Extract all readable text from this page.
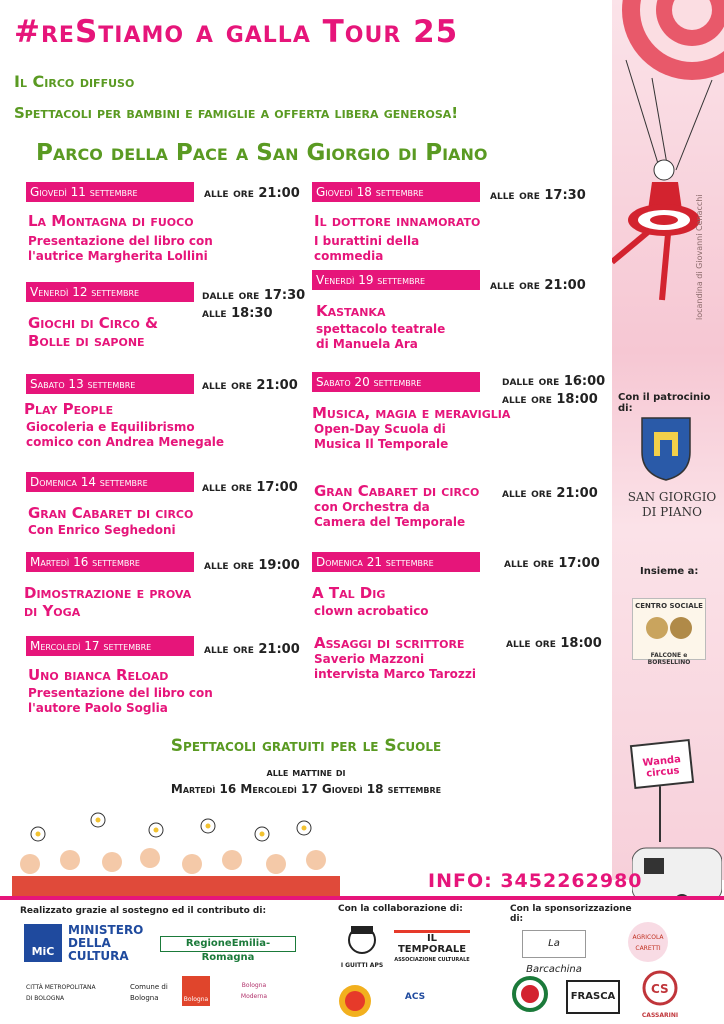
#reStiamo a galla Tour 25
Il Circo diffuso
Spettacoli per bambini e famiglie a offerta libera generosa!
Parco della Pace a San Giorgio di Piano
locandina di Giovanni Cenacchi
Con il patrocinio di:
SAN GIORGIO DI PIANO
Insieme a:
CENTRO SOCIALE
FALCONE e BORSELLINO
Wanda circus
Giovedì 11 settembre	alle ore 21:00
La Montagna di fuoco
Presentazione del libro con l'autrice Margherita Lollini
Venerdì 12 settembre	dalle ore 17:30
alle 18:30
Giochi di Circo &
Bolle di sapone
Sabato 13 settembre	alle ore 21:00
Play People
Giocoleria e Equilibrismo comico con Andrea Menegale
Domenica 14 settembre	alle ore 17:00
Gran Cabaret di circo
Con Enrico Seghedoni
Martedì 16 settembre	alle ore 19:00
Dimostrazione e prova
di Yoga
Mercoledì 17 settembre	alle ore 21:00
Uno bianca Reload
Presentazione del libro con l'autore Paolo Soglia
Giovedì 18 settembre	alle ore 17:30
Il dottore innamorato
I burattini della commedia
Venerdì 19 settembre	alle ore 21:00
Kastanka
spettacolo teatrale di Manuela Ara
Sabato 20 settembre	dalle ore 16:00
alle ore 18:00
Musica, magia e meraviglia
Open-Day Scuola di Musica Il Temporale
alle ore 21:00
Gran Cabaret di circo
con Orchestra da Camera del Temporale
Domenica 21 settembre	alle ore 17:00
A Tal Dig
clown acrobatico
alle ore 18:00
Assaggi di scrittore
Saverio Mazzoni intervista Marco Tarozzi
Spettacoli gratuiti per le Scuole
alle mattine di
Martedì 16 Mercoledì 17 Giovedì 18 settembre
INFO: 3452262980
Realizzato grazie al sostegno ed il contributo di:	Con la collaborazione di:	Con la sponsorizzazione di:
MiC
MINISTERO
DELLA
CULTURA
RegioneEmilia-Romagna
CITTÀ METROPOLITANA DI BOLOGNA
Comune di Bologna	Bologna Estate
Bologna Moderna
I GUITTI APS
IL TEMPORALE
ASSOCIAZIONE CULTURALE
ACS
La Barcachina
AGRICOLA CARETTI
FRASCA
CS
CASSARINI
